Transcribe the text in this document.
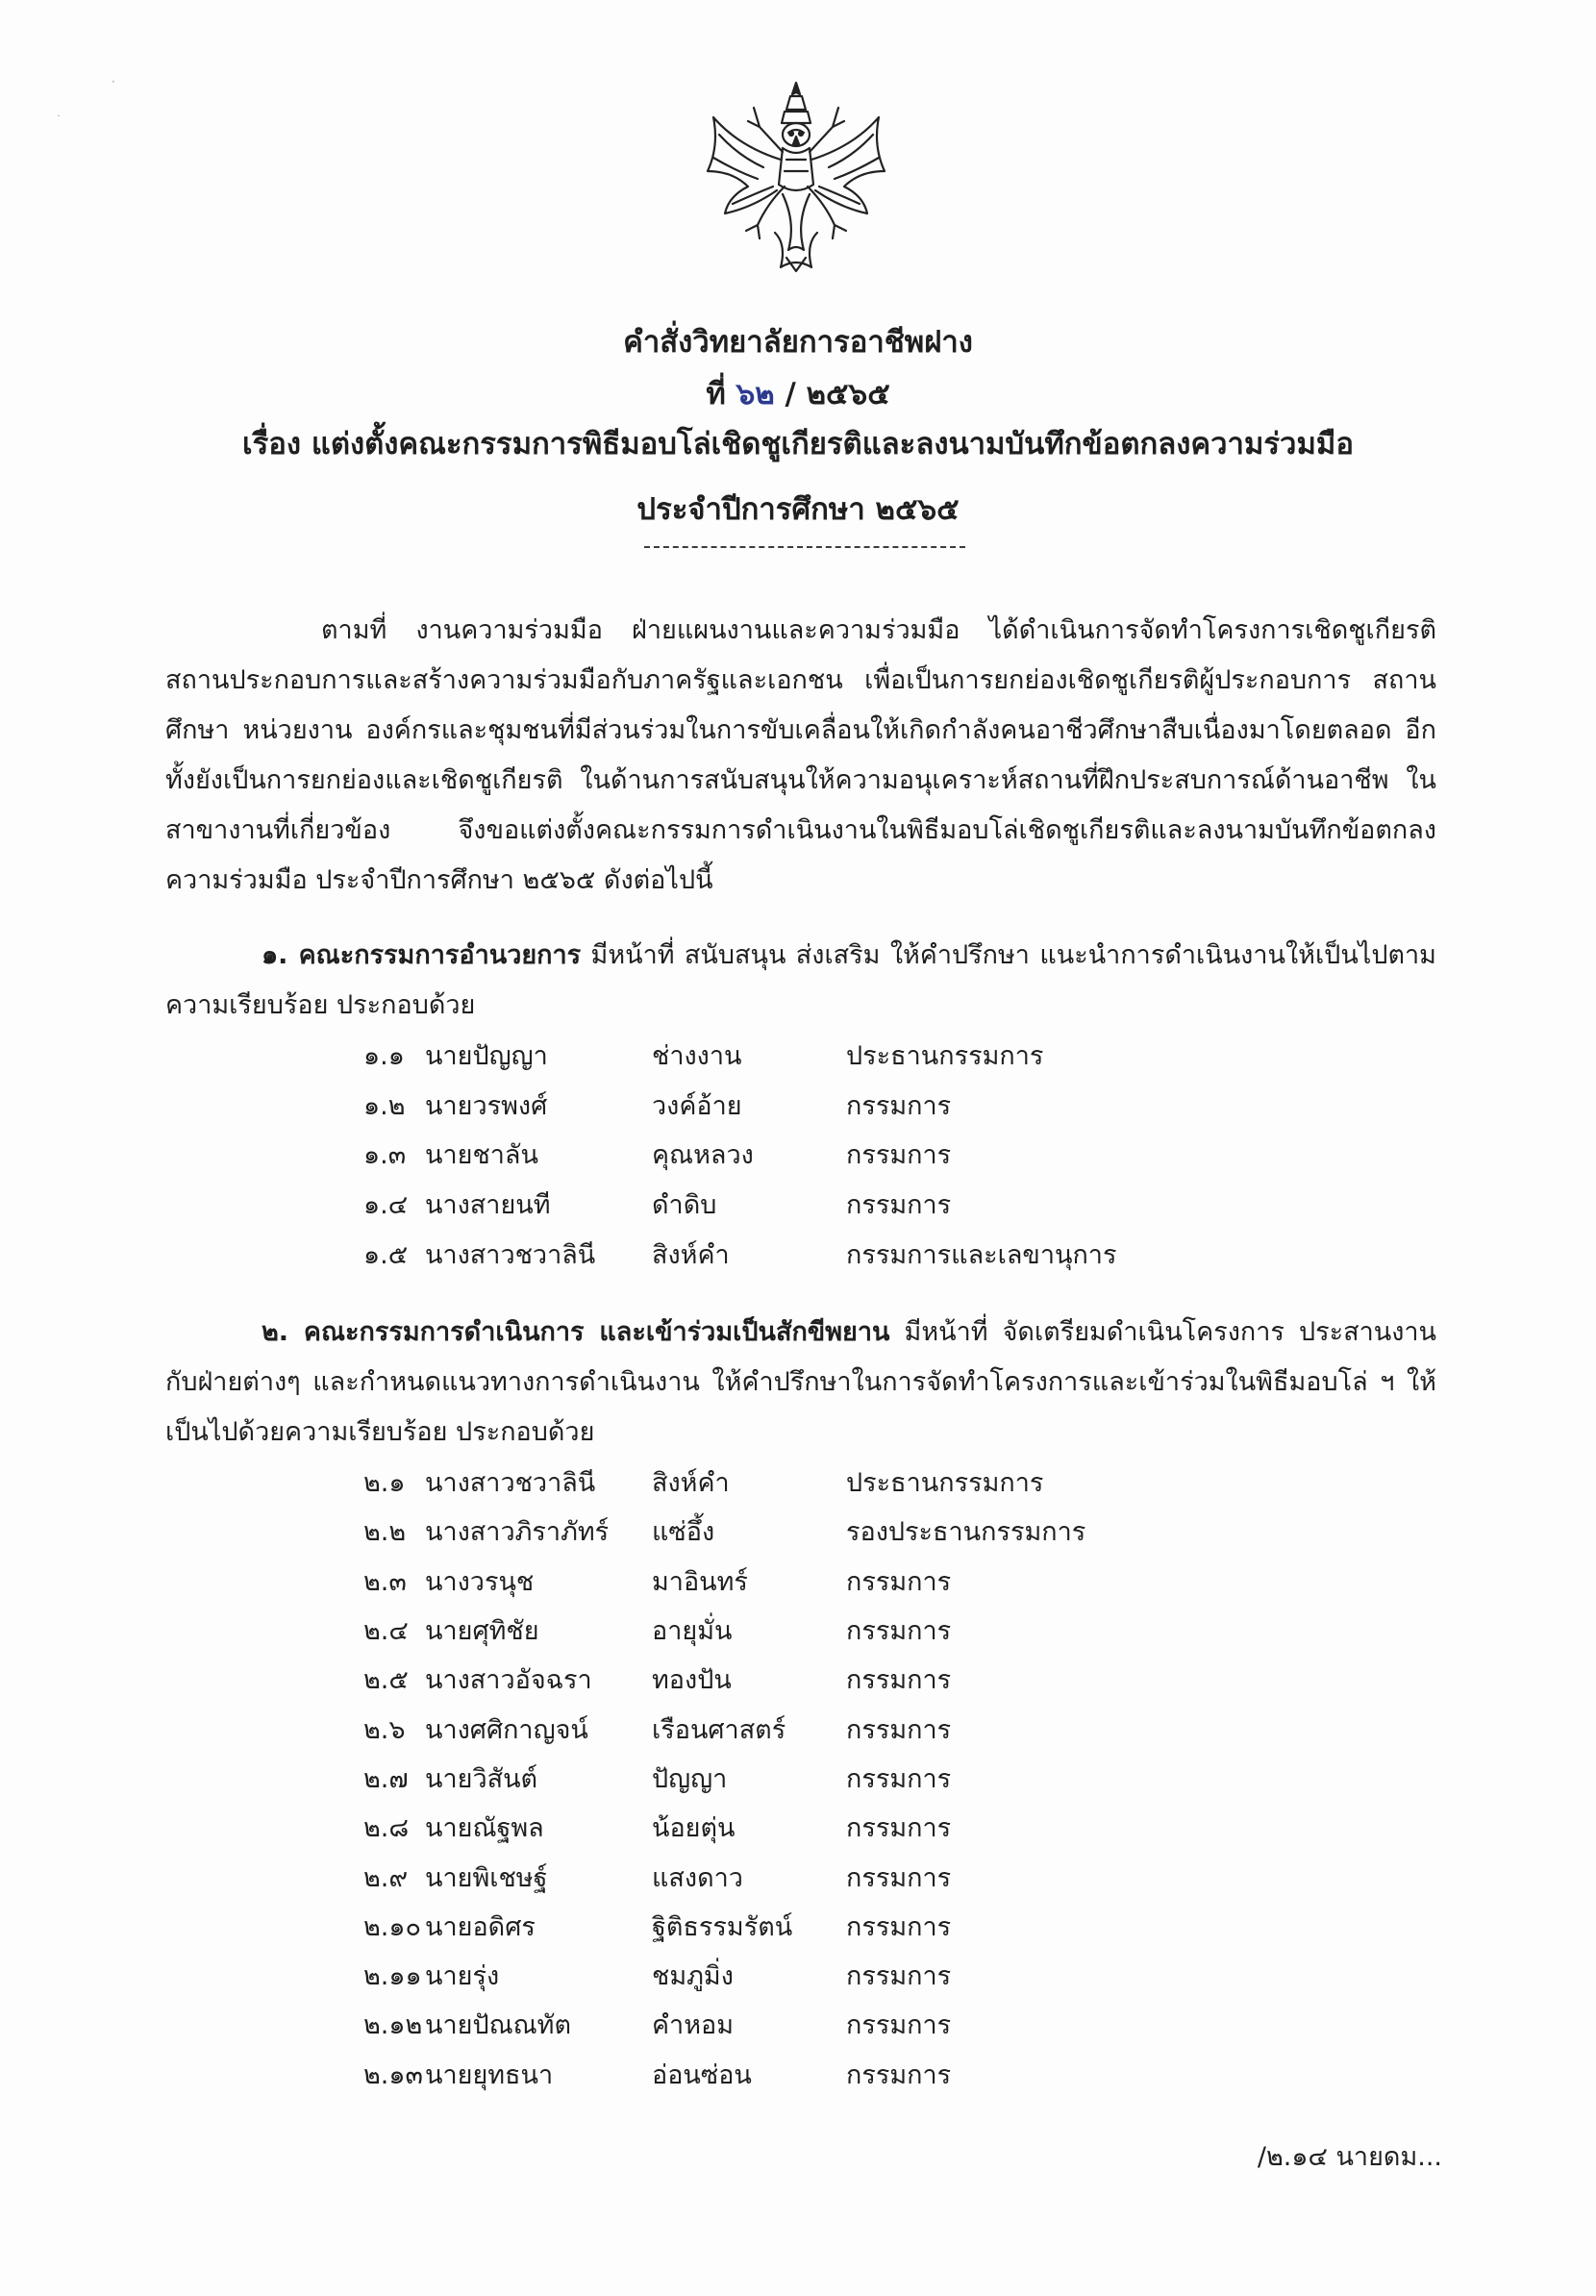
·
˙
คำสั่งวิทยาลัยการอาชีพฝาง
ที่ ๖๒ / ๒๕๖๕
เรื่อง แต่งตั้งคณะกรรมการพิธีมอบโล่เชิดชูเกียรติและลงนามบันทึกข้อตกลงความร่วมมือ
ประจำปีการศึกษา ๒๕๖๕
ตามที่ งานความร่วมมือ ฝ่ายแผนงานและความร่วมมือ ได้ดำเนินการจัดทำโครงการเชิดชูเกียรติสถานประกอบการและสร้างความร่วมมือกับภาครัฐและเอกชน เพื่อเป็นการยกย่องเชิดชูเกียรติผู้ประกอบการ สถานศึกษา หน่วยงาน องค์กรและชุมชนที่มีส่วนร่วมในการขับเคลื่อนให้เกิดกำลังคนอาชีวศึกษาสืบเนื่องมาโดยตลอด อีกทั้งยังเป็นการยกย่องและเชิดชูเกียรติ ในด้านการสนับสนุนให้ความอนุเคราะห์สถานที่ฝึกประสบการณ์ด้านอาชีพ ในสาขางานที่เกี่ยวข้อง จึงขอแต่งตั้งคณะกรรมการดำเนินงานในพิธีมอบโล่เชิดชูเกียรติและลงนามบันทึกข้อตกลงความร่วมมือ ประจำปีการศึกษา ๒๕๖๕ ดังต่อไปนี้
๑. คณะกรรมการอำนวยการ มีหน้าที่ สนับสนุน ส่งเสริม ให้คำปรึกษา แนะนำการดำเนินงานให้เป็นไปตามความเรียบร้อย ประกอบด้วย
๑.๑ นายปัญญา	ช่างงาน	ประธานกรรมการ
๑.๒ นายวรพงศ์	วงค์อ้าย	กรรมการ
๑.๓ นายชาลัน	คุณหลวง	กรรมการ
๑.๔ นางสายนที	ดำดิบ	กรรมการ
๑.๕ นางสาวชวาลินี	สิงห์คำ	กรรมการและเลขานุการ
๒. คณะกรรมการดำเนินการ และเข้าร่วมเป็นสักขีพยาน มีหน้าที่ จัดเตรียมดำเนินโครงการ ประสานงานกับฝ่ายต่างๆ และกำหนดแนวทางการดำเนินงาน ให้คำปรึกษาในการจัดทำโครงการและเข้าร่วมในพิธีมอบโล่ ฯ ให้เป็นไปด้วยความเรียบร้อย ประกอบด้วย
๒.๑ นางสาวชวาลินี	สิงห์คำ	ประธานกรรมการ
๒.๒ นางสาวภิราภัทร์	แซ่อึ้ง	รองประธานกรรมการ
๒.๓ นางวรนุช	มาอินทร์	กรรมการ
๒.๔ นายศุทิชัย	อายุมั่น	กรรมการ
๒.๕ นางสาวอัจฉรา	ทองปัน	กรรมการ
๒.๖ นางศศิกาญจน์	เรือนศาสตร์	กรรมการ
๒.๗ นายวิสันต์	ปัญญา	กรรมการ
๒.๘ นายณัฐพล	น้อยตุ่น	กรรมการ
๒.๙ นายพิเชษฐ์	แสงดาว	กรรมการ
๒.๑๐ นายอดิศร	ฐิติธรรมรัตน์	กรรมการ
๒.๑๑ นายรุ่ง	ชมภูมิ่ง	กรรมการ
๒.๑๒ นายปัณณทัต	คำหอม	กรรมการ
๒.๑๓ นายยุทธนา	อ่อนซ่อน	กรรมการ
/๒.๑๔ นายดม...
